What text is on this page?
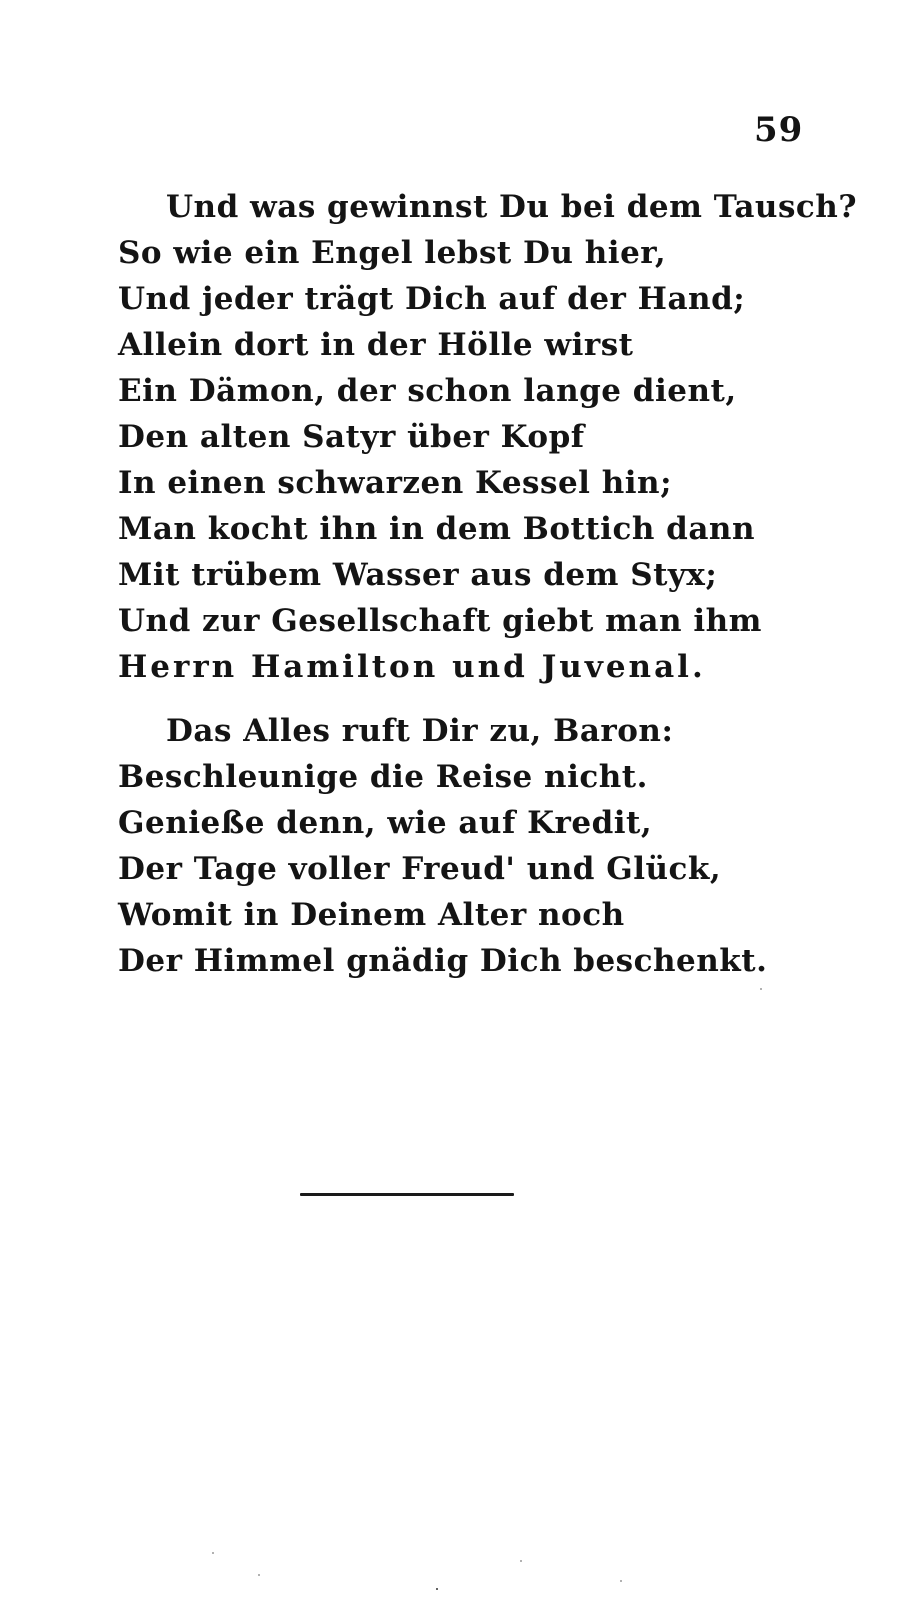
59
Und was gewinnst Du bei dem Tausch?
So wie ein Engel lebst Du hier,
Und jeder trägt Dich auf der Hand;
Allein dort in der Hölle wirst
Ein Dämon, der schon lange dient,
Den alten Satyr über Kopf
In einen schwarzen Kessel hin;
Man kocht ihn in dem Bottich dann
Mit trübem Wasser aus dem Styx;
Und zur Gesellschaft giebt man ihm
Herrn Hamilton und Juvenal.
Das Alles ruft Dir zu, Baron:
Beschleunige die Reise nicht.
Genieße denn, wie auf Kredit,
Der Tage voller Freud' und Glück,
Womit in Deinem Alter noch
Der Himmel gnädig Dich beschenkt.
